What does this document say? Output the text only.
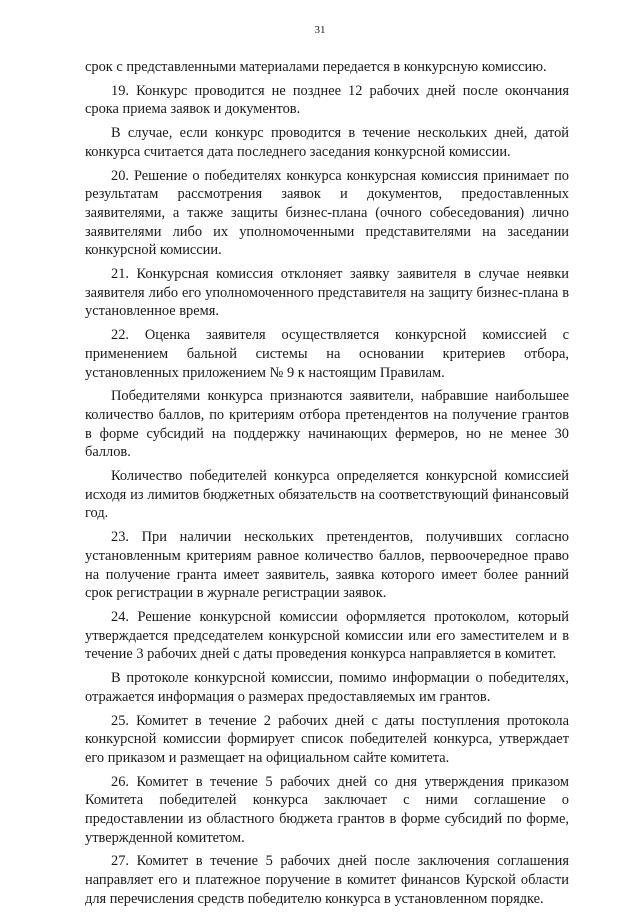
31

срок с представленными материалами передается в конкурсную комиссию.

19. Конкурс проводится не позднее 12 рабочих дней после окончания срока приема заявок и документов.

В случае, если конкурс проводится в течение нескольких дней, датой конкурса считается дата последнего заседания конкурсной комиссии.

20. Решение о победителях конкурса конкурсная комиссия принимает по результатам рассмотрения заявок и документов, предоставленных заявителями, а также защиты бизнес-плана (очного собеседования) лично заявителями либо их уполномоченными представителями на заседании конкурсной комиссии.

21. Конкурсная комиссия отклоняет заявку заявителя в случае неявки заявителя либо его уполномоченного представителя на защиту бизнес-плана в установленное время.

22. Оценка заявителя осуществляется конкурсной комиссией с применением бальной системы на основании критериев отбора, установленных приложением № 9 к настоящим Правилам.

Победителями конкурса признаются заявители, набравшие наибольшее количество баллов, по критериям отбора претендентов на получение грантов в форме субсидий на поддержку начинающих фермеров, но не менее 30 баллов.

Количество победителей конкурса определяется конкурсной комиссией исходя из лимитов бюджетных обязательств на соответствующий финансовый год.

23. При наличии нескольких претендентов, получивших согласно установленным критериям равное количество баллов, первоочередное право на получение гранта имеет заявитель, заявка которого имеет более ранний срок регистрации в журнале регистрации заявок.

24. Решение конкурсной комиссии оформляется протоколом, который утверждается председателем конкурсной комиссии или его заместителем и в течение 3 рабочих дней с даты проведения конкурса направляется в комитет.

В протоколе конкурсной комиссии, помимо информации о победителях, отражается информация о размерах предоставляемых им грантов.

25. Комитет в течение 2 рабочих дней с даты поступления протокола конкурсной комиссии формирует список победителей конкурса, утверждает его приказом и размещает на официальном сайте комитета.

26. Комитет в течение 5 рабочих дней со дня утверждения приказом Комитета победителей конкурса заключает с ними соглашение о предоставлении из областного бюджета грантов в форме субсидий по форме, утвержденной комитетом.

27. Комитет в течение 5 рабочих дней после заключения соглашения направляет его и платежное поручение в комитет финансов Курской области для перечисления средств победителю конкурса в установленном порядке.
